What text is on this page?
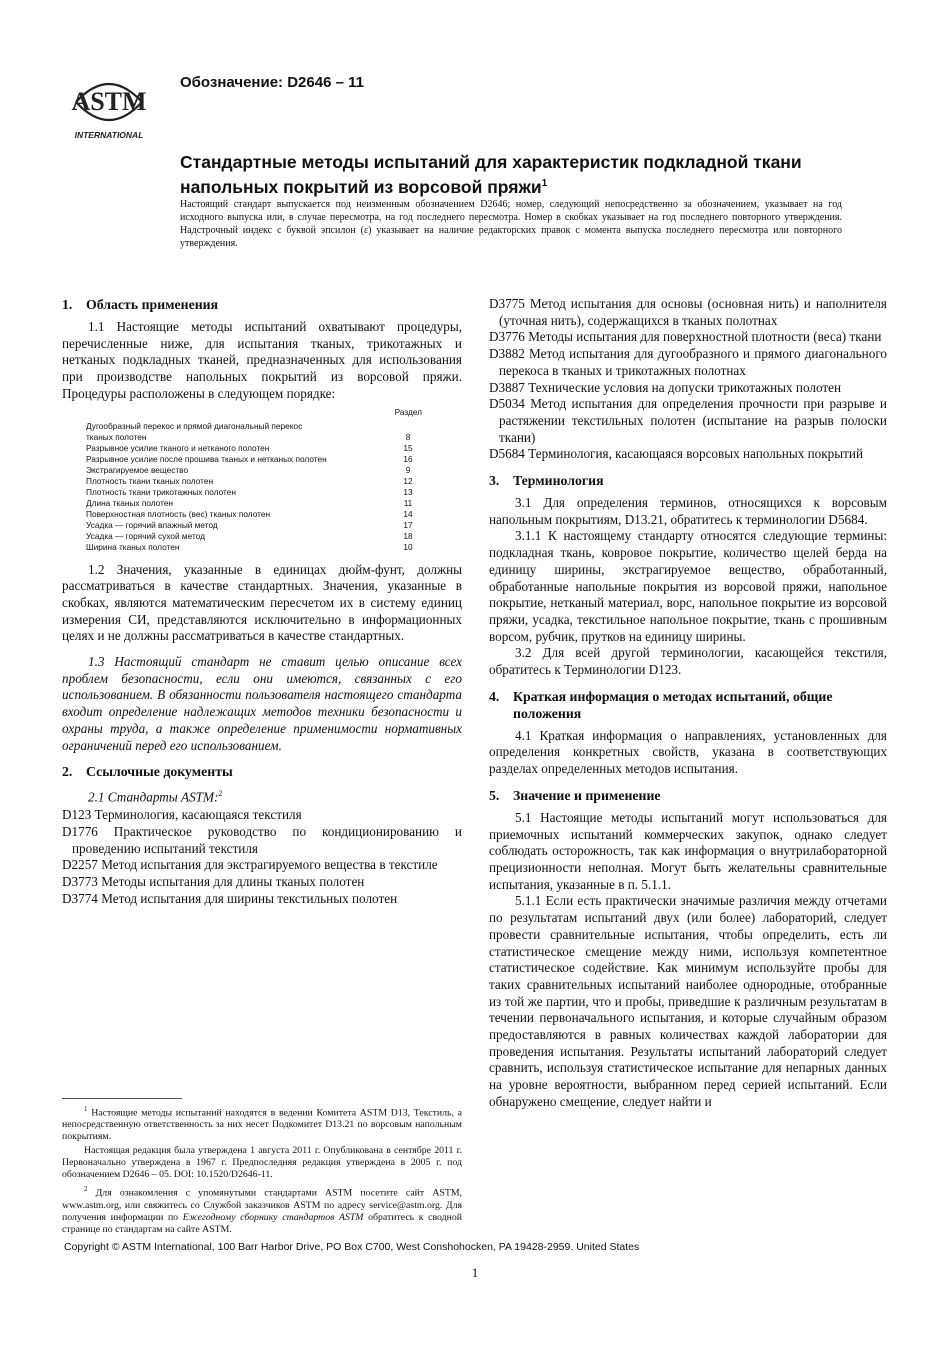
ASTM
INTERNATIONAL
Обозначение: D2646 – 11
Стандартные методы испытаний для характеристик подкладной ткани напольных покрытий из ворсовой пряжи$^1$
Настоящий стандарт выпускается под неизменным обозначением D2646; номер, следующий непосредственно за обозначением, указывает на год исходного выпуска или, в случае пересмотра, на год последнего пересмотра. Номер в скобках указывает на год последнего повторного утверждения. Надстрочный индекс с буквой эпсилон (ε) указывает на наличие редакторских правок с момента выпуска последнего пересмотра или повторного утверждения.
1. Область применения

1.1 Настоящие методы испытаний охватывают процедуры, перечисленные ниже, для испытания тканых, трикотажных и нетканых подкладных тканей, предназначенных для использования при производстве напольных покрытий из ворсовой пряжи. Процедуры расположены в следующем порядке:

Раздел
Дугообразный перекос и прямой диагональный перекос
тканых полотен	8
Разрывное усилие тканого и нетканого полотен	15
Разрывное усилие после прошива тканых и нетканых полотен	16
Экстрагируемое вещество	9
Плотность ткани тканых полотен	12
Плотность ткани трикотажных полотен	13
Длина тканых полотен	11
Поверхностная плотность (вес) тканых полотен	14
Усадка — горячий влажный метод	17
Усадка — горячий сухой метод	18
Ширина тканых полотен	10

1.2 Значения, указанные в единицах дюйм-фунт, должны рассматриваться в качестве стандартных. Значения, указанные в скобках, являются математическим пересчетом их в систему единиц измерения СИ, представляются исключительно в информационных целях и не должны рассматриваться в качестве стандартных.

1.3 Настоящий стандарт не ставит целью описание всех проблем безопасности, если они имеются, связанных с его использованием. В обязанности пользователя настоящего стандарта входит определение надлежащих методов техники безопасности и охраны труда, а также определение применимости нормативных ограничений перед его использованием.

2. Ссылочные документы

2.1 Стандарты ASTM:$^2$

D123 Терминология, касающаяся текстиля

D1776 Практическое руководство по кондиционированию и проведению испытаний текстиля

D2257 Метод испытания для экстрагируемого вещества в текстиле

D3773 Методы испытания для длины тканых полотен

D3774 Метод испытания для ширины текстильных полотен

$^1$ Настоящие методы испытаний находятся в ведении Комитета ASTM D13, Текстиль, а непосредственную ответственность за них несет Подкомитет D13.21 по ворсовым напольным покрытиям.

Настоящая редакция была утверждена 1 августа 2011 г. Опубликована в сентябре 2011 г. Первоначально утверждена в 1967 г. Предпоследняя редакция утверждена в 2005 г. под обозначением D2646 – 05. DOI: 10.1520/D2646-11.

$^2$ Для ознакомления с упомянутыми стандартами ASTM посетите сайт ASTM, www.astm.org, или свяжитесь со Службой заказчиков ASTM по адресу service@astm.org. Для получения информации по Ежегодному сборнику стандартов ASTM обратитесь к сводной странице по стандартам на сайте ASTM.

D3775 Метод испытания для основы (основная нить) и наполнителя (уточная нить), содержащихся в тканых полотнах

D3776 Методы испытания для поверхностной плотности (веса) ткани

D3882 Метод испытания для дугообразного и прямого диагонального перекоса в тканых и трикотажных полотнах

D3887 Технические условия на допуски трикотажных полотен

D5034 Метод испытания для определения прочности при разрыве и растяжении текстильных полотен (испытание на разрыв полоски ткани)

D5684 Терминология, касающаяся ворсовых напольных покрытий

3. Терминология

3.1 Для определения терминов, относящихся к ворсовым напольным покрытиям, D13.21, обратитесь к терминологии D5684.

3.1.1 К настоящему стандарту относятся следующие термины: подкладная ткань, ковровое покрытие, количество щелей берда на единицу ширины, экстрагируемое вещество, обработанный, обработанные напольные покрытия из ворсовой пряжи, напольное покрытие, нетканый материал, ворс, напольное покрытие из ворсовой пряжи, усадка, текстильное напольное покрытие, ткань с прошивным ворсом, рубчик, прутков на единицу ширины.

3.2 Для всей другой терминологии, касающейся текстиля, обратитесь к Терминологии D123.

4. Краткая информация о методах испытаний, общие положения

4.1 Краткая информация о направлениях, установленных для определения конкретных свойств, указана в соответствующих разделах определенных методов испытания.

5. Значение и применение

5.1 Настоящие методы испытаний могут использоваться для приемочных испытаний коммерческих закупок, однако следует соблюдать осторожность, так как информация о внутрилабораторной прецизионности неполная. Могут быть желательны сравнительные испытания, указанные в п. 5.1.1.

5.1.1 Если есть практически значимые различия между отчетами по результатам испытаний двух (или более) лабораторий, следует провести сравнительные испытания, чтобы определить, есть ли статистическое смещение между ними, используя компетентное статистическое содействие. Как минимум используйте пробы для таких сравнительных испытаний наиболее однородные, отобранные из той же партии, что и пробы, приведшие к различным результатам в течении первоначального испытания, и которые случайным образом предоставляются в равных количествах каждой лаборатории для проведения испытания. Результаты испытаний лабораторий следует сравнить, используя статистическое испытание для непарных данных на уровне вероятности, выбранном перед серией испытаний. Если обнаружено смещение, следует найти и

Copyright © ASTM International, 100 Barr Harbor Drive, PO Box C700, West Conshohocken, PA 19428-2959. United States
1
